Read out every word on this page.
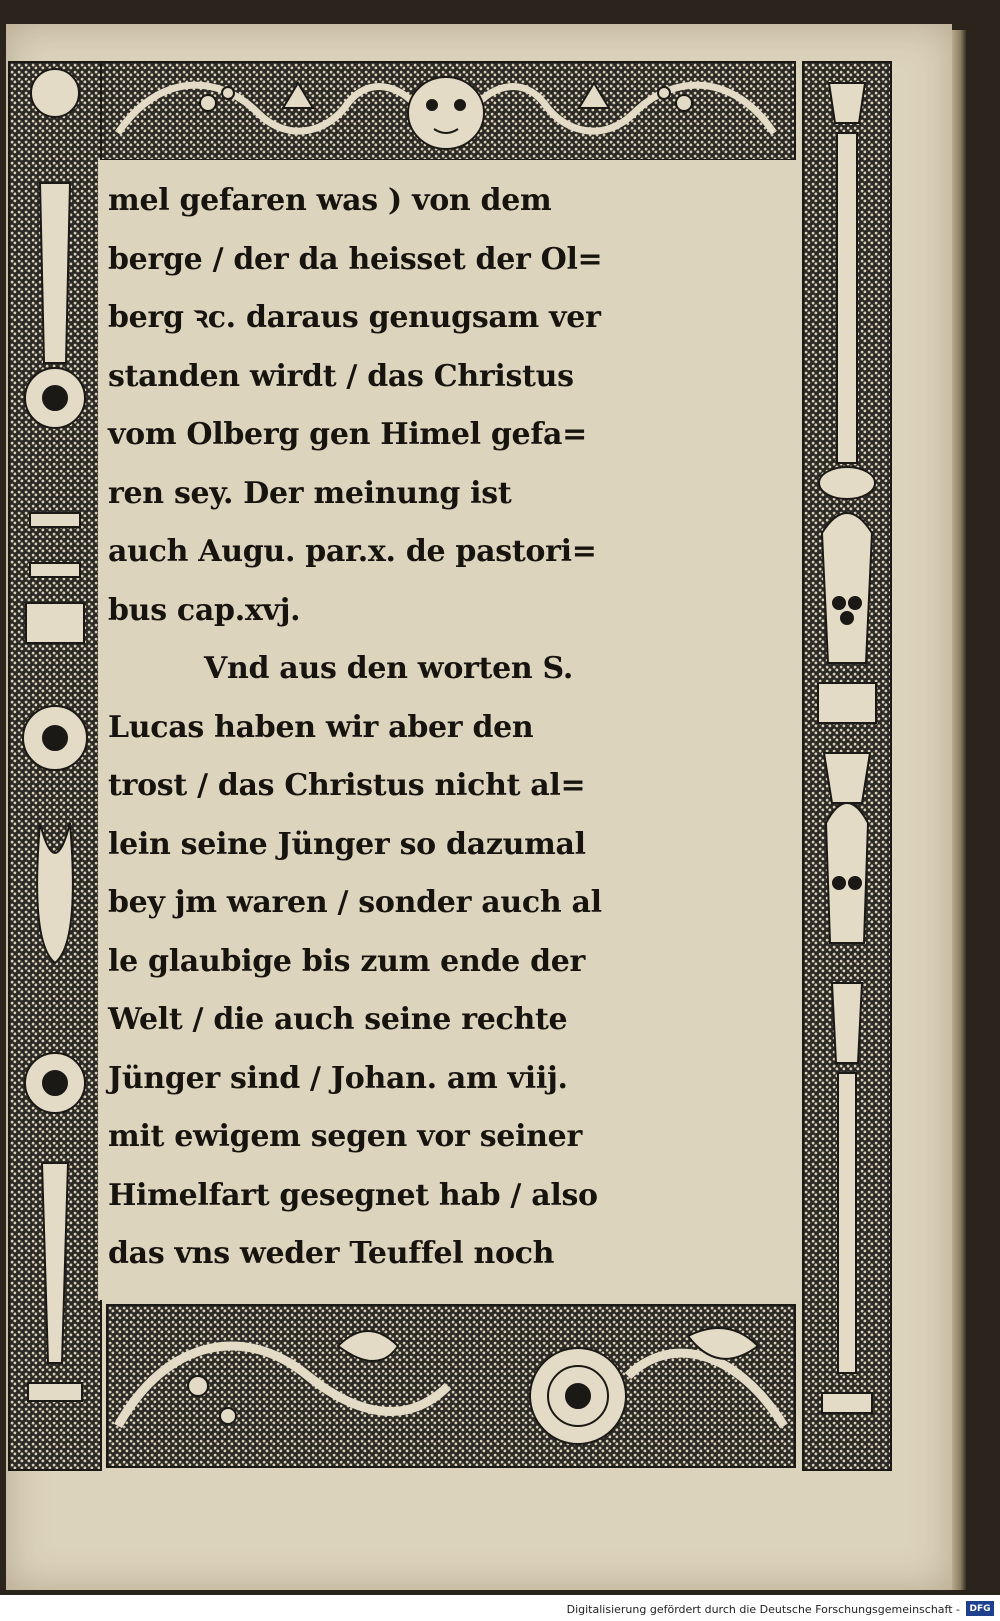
mel gefaren was ) von dem
berge / der da heisset der Ol=
berg ꝛc. daraus genugsam ver
standen wirdt / das Christus
vom Olberg gen Himel gefa=
ren sey. Der meinung ist
auch Augu. par.x. de pastori=
bus cap.xvj.
Vnd aus den worten S.
Lucas haben wir aber den
trost / das Christus nicht al=
lein seine Jünger so dazumal
bey jm waren / sonder auch al
le glaubige bis zum ende der
Welt / die auch seine rechte
Jünger sind / Johan. am viij.
mit ewigem segen vor seiner
Himelfart gesegnet hab / also
das vns weder Teuffel noch
Digitalisierung gefördert durch die Deutsche Forschungsgemeinschaft -	DFG
